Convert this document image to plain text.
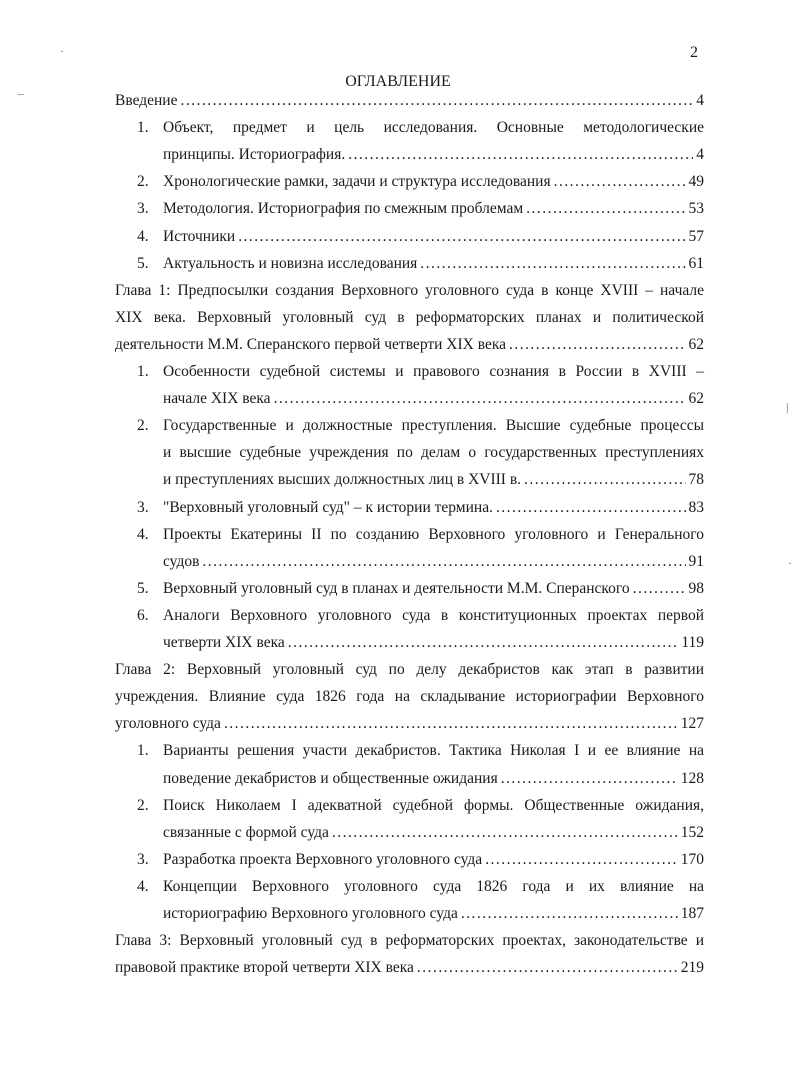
2
ОГЛАВЛЕНИЕ
Введение . . .	4
1. Объект, предмет и цель исследования. Основные методологические
принципы. Историография. . . .	4
2. Хронологические рамки, задачи и структура исследования . . .	49
3. Методология. Историография по смежным проблемам . . .	53
4. Источники . . .	57
5. Актуальность и новизна исследования . . .	61
Глава 1: Предпосылки создания Верховного уголовного суда в конце XVIII – начале
XIX века. Верховный уголовный суд в реформаторских планах и политической
деятельности М.М. Сперанского первой четверти XIX века . . .	62
1. Особенности судебной системы и правового сознания в России в XVIII –
начале XIX века . . .	62
2. Государственные и должностные преступления. Высшие судебные процессы
и высшие судебные учреждения по делам о государственных преступлениях
и преступлениях высших должностных лиц в XVIII в. . . .	78
3. "Верховный уголовный суд" – к истории термина. . . .	83
4. Проекты Екатерины II по созданию Верховного уголовного и Генерального
судов . . .	91
5. Верховный уголовный суд в планах и деятельности М.М. Сперанского . . .	98
6. Аналоги Верховного уголовного суда в конституционных проектах первой
четверти XIX века . . .	119
Глава 2: Верховный уголовный суд по делу декабристов как этап в развитии
учреждения. Влияние суда 1826 года на складывание историографии Верховного
уголовного суда . . .	127
1. Варианты решения участи декабристов. Тактика Николая I и ее влияние на
поведение декабристов и общественные ожидания . . .	128
2. Поиск Николаем I адекватной судебной формы. Общественные ожидания,
связанные с формой суда . . .	152
3. Разработка проекта Верховного уголовного суда . . .	170
4. Концепции Верховного уголовного суда 1826 года и их влияние на
историографию Верховного уголовного суда . . .	187
Глава 3: Верховный уголовный суд в реформаторских проектах, законодательстве и
правовой практике второй четверти XIX века . . .	219
·
‒
|
·
